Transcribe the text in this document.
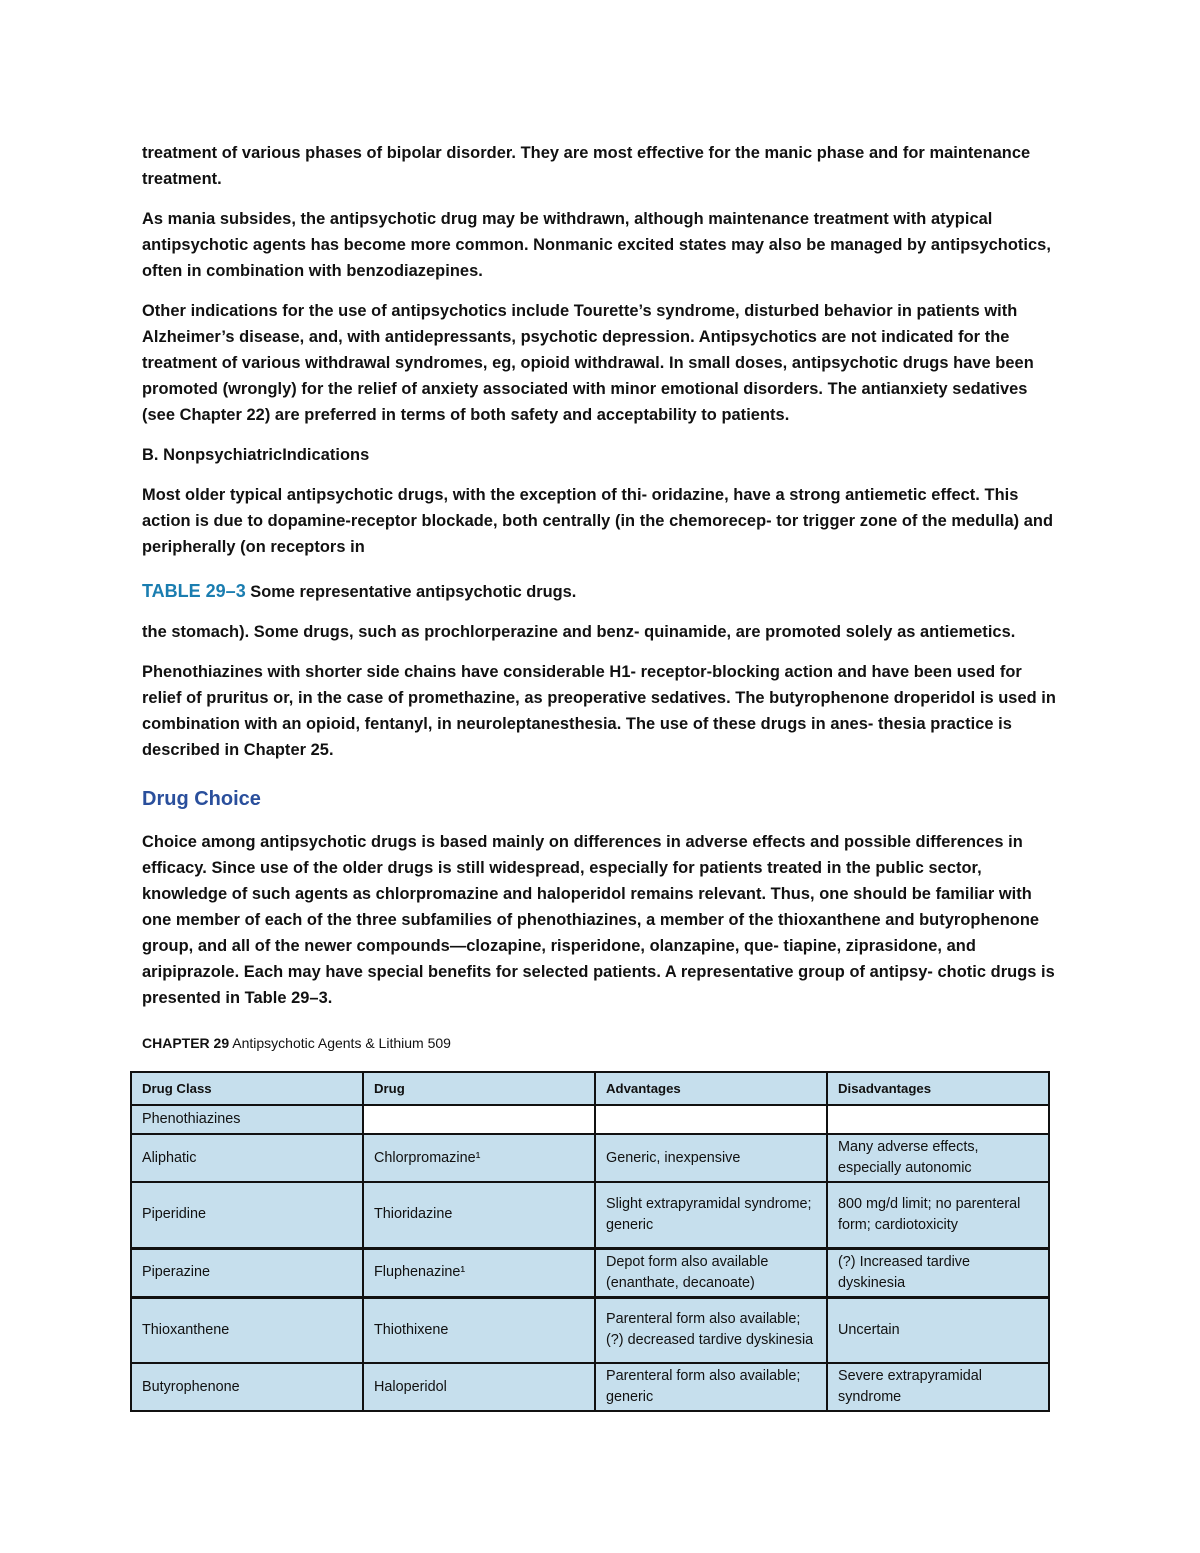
treatment of various phases of bipolar disorder. They are most effective for the manic phase and for maintenance treatment.

As mania subsides, the antipsychotic drug may be withdrawn, although maintenance treatment with atypical antipsychotic agents has become more common. Nonmanic excited states may also be managed by antipsychotics, often in combination with benzodiazepines.

Other indications for the use of antipsychotics include Tourette’s syndrome, disturbed behavior in patients with Alzheimer’s disease, and, with antidepressants, psychotic depression. Antipsychotics are not indicated for the treatment of various withdrawal syndromes, eg, opioid withdrawal. In small doses, antipsychotic drugs have been promoted (wrongly) for the relief of anxiety associated with minor emotional disorders. The antianxiety sedatives (see Chapter 22) are preferred in terms of both safety and acceptability to patients.

B. NonpsychiatricIndications

Most older typical antipsychotic drugs, with the exception of thi- oridazine, have a strong antiemetic effect. This action is due to dopamine-receptor blockade, both centrally (in the chemorecep- tor trigger zone of the medulla) and peripherally (on receptors in

TABLE 29–3 Some representative antipsychotic drugs.

the stomach). Some drugs, such as prochlorperazine and benz- quinamide, are promoted solely as antiemetics.

Phenothiazines with shorter side chains have considerable H1- receptor-blocking action and have been used for relief of pruritus or, in the case of promethazine, as preoperative sedatives. The butyrophenone droperidol is used in combination with an opioid, fentanyl, in neuroleptanesthesia. The use of these drugs in anes- thesia practice is described in Chapter 25.

Drug Choice

Choice among antipsychotic drugs is based mainly on differences in adverse effects and possible differences in efficacy. Since use of the older drugs is still widespread, especially for patients treated in the public sector, knowledge of such agents as chlorpromazine and haloperidol remains relevant. Thus, one should be familiar with one member of each of the three subfamilies of phenothiazines, a member of the thioxanthene and butyrophenone group, and all of the newer compounds—clozapine, risperidone, olanzapine, que- tiapine, ziprasidone, and aripiprazole. Each may have special benefits for selected patients. A representative group of antipsy- chotic drugs is presented in Table 29–3.

CHAPTER 29 Antipsychotic Agents & Lithium 509
Drug Class	Drug	Advantages	Disadvantages
Phenothiazines			
Aliphatic	Chlorpromazine¹	Generic, inexpensive	Many adverse effects, especially autonomic
Piperidine	Thioridazine	Slight extrapyramidal syndrome; generic	800 mg/d limit; no parenteral form; cardiotoxicity
Piperazine	Fluphenazine¹	Depot form also available (enanthate, decanoate)	(?) Increased tardive dyskinesia
Thioxanthene	Thiothixene	Parenteral form also available; (?) decreased tardive dyskinesia	Uncertain
Butyrophenone	Haloperidol	Parenteral form also available; generic	Severe extrapyramidal syndrome
